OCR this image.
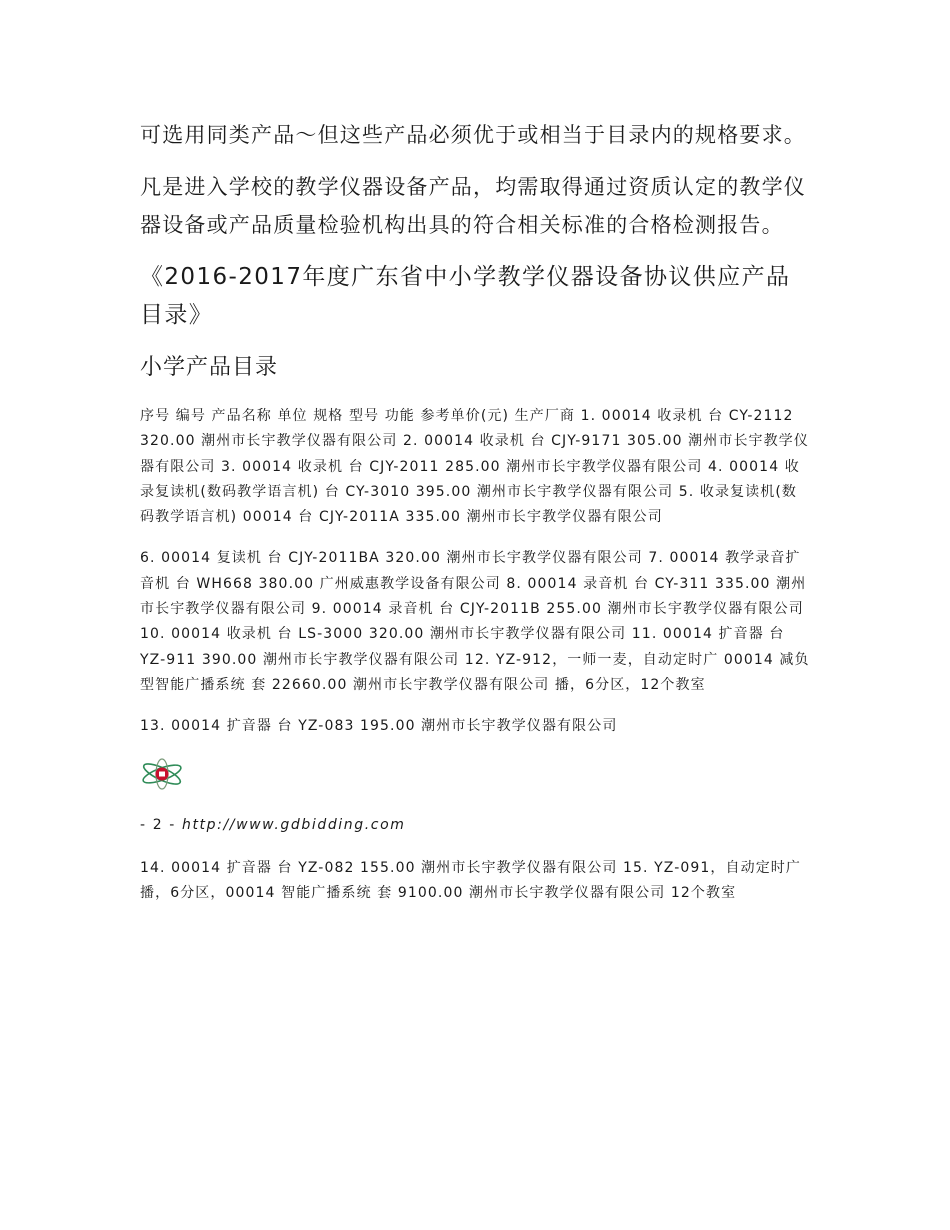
可选用同类产品～但这些产品必须优于或相当于目录内的规格要求。

凡是进入学校的教学仪器设备产品，均需取得通过资质认定的教学仪器设备或产品质量检验机构出具的符合相关标准的合格检测报告。

《2016-2017年度广东省中小学教学仪器设备协议供应产品目录》
小学产品目录

序号 编号 产品名称 单位 规格 型号 功能 参考单价(元) 生产厂商 1. 00014 收录机 台 CY-2112 320.00 潮州市长宇教学仪器有限公司 2. 00014 收录机 台 CJY-9171 305.00 潮州市长宇教学仪器有限公司 3. 00014 收录机 台 CJY-2011 285.00 潮州市长宇教学仪器有限公司 4. 00014 收录复读机(数码教学语言机) 台 CY-3010 395.00 潮州市长宇教学仪器有限公司 5. 收录复读机(数码教学语言机) 00014 台 CJY-2011A 335.00 潮州市长宇教学仪器有限公司

6. 00014 复读机 台 CJY-2011BA 320.00 潮州市长宇教学仪器有限公司 7. 00014 教学录音扩音机 台 WH668 380.00 广州威惠教学设备有限公司 8. 00014 录音机 台 CY-311 335.00 潮州市长宇教学仪器有限公司 9. 00014 录音机 台 CJY-2011B 255.00 潮州市长宇教学仪器有限公司 10. 00014 收录机 台 LS-3000 320.00 潮州市长宇教学仪器有限公司 11. 00014 扩音器 台 YZ-911 390.00 潮州市长宇教学仪器有限公司 12. YZ-912，一师一麦，自动定时广 00014 减负型智能广播系统 套 22660.00 潮州市长宇教学仪器有限公司 播，6分区，12个教室

13. 00014 扩音器 台 YZ-083 195.00 潮州市长宇教学仪器有限公司

- 2 - http://www.gdbidding.com

14. 00014 扩音器 台 YZ-082 155.00 潮州市长宇教学仪器有限公司 15. YZ-091，自动定时广播，6分区，00014 智能广播系统 套 9100.00 潮州市长宇教学仪器有限公司 12个教室
